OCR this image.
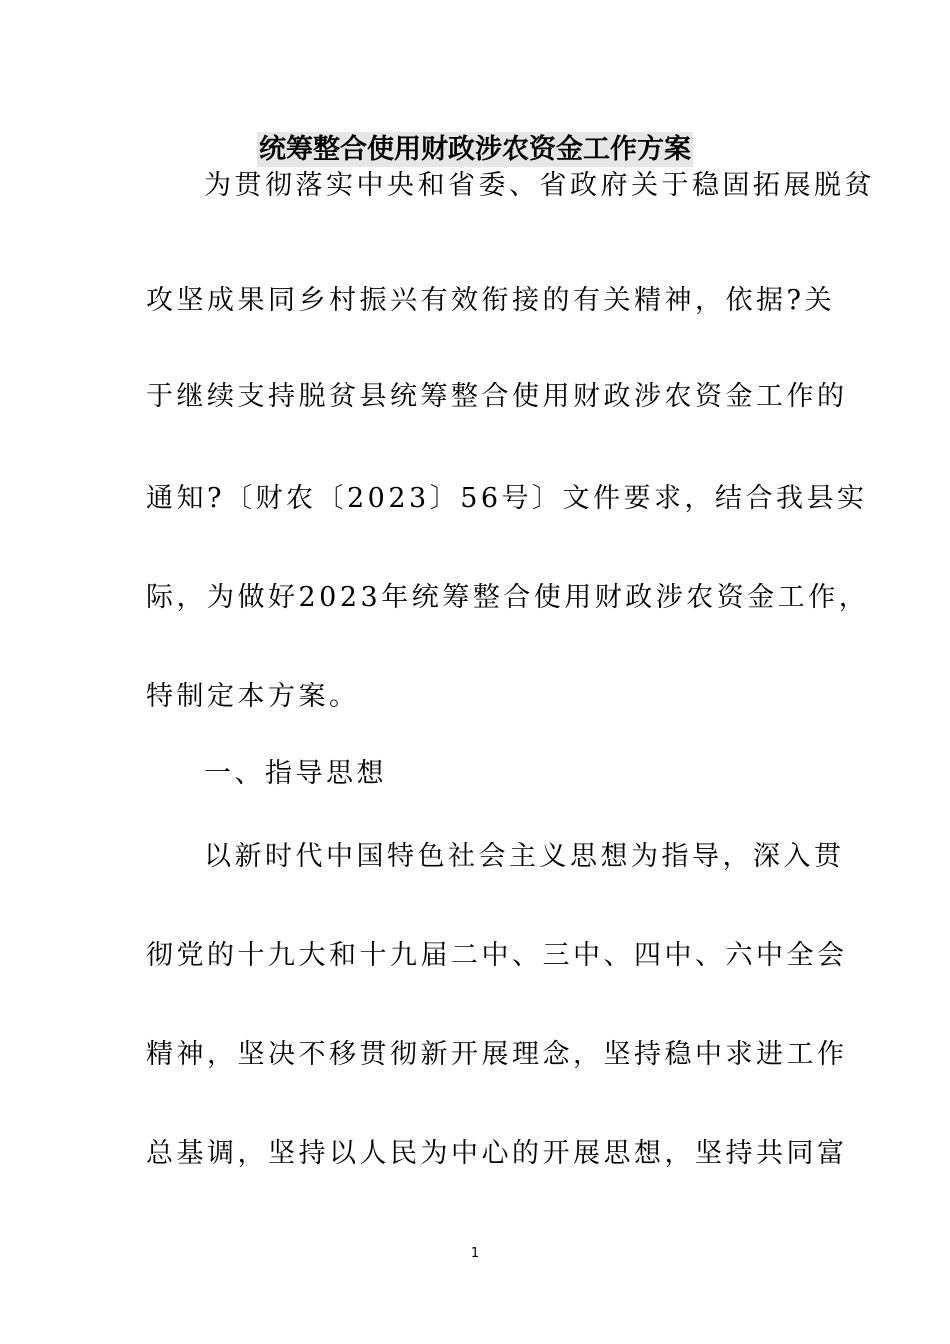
统筹整合使用财政涉农资金工作方案
为贯彻落实中央和省委、省政府关于稳固拓展脱贫
攻坚成果同乡村振兴有效衔接的有关精神，依据?关
于继续支持脱贫县统筹整合使用财政涉农资金工作的
通知?〔财农〔2023〕56号〕文件要求，结合我县实
际，为做好2023年统筹整合使用财政涉农资金工作，
特制定本方案。
一、指导思想
以新时代中国特色社会主义思想为指导，深入贯
彻党的十九大和十九届二中、三中、四中、六中全会
精神，坚决不移贯彻新开展理念，坚持稳中求进工作
总基调，坚持以人民为中心的开展思想，坚持共同富
1
